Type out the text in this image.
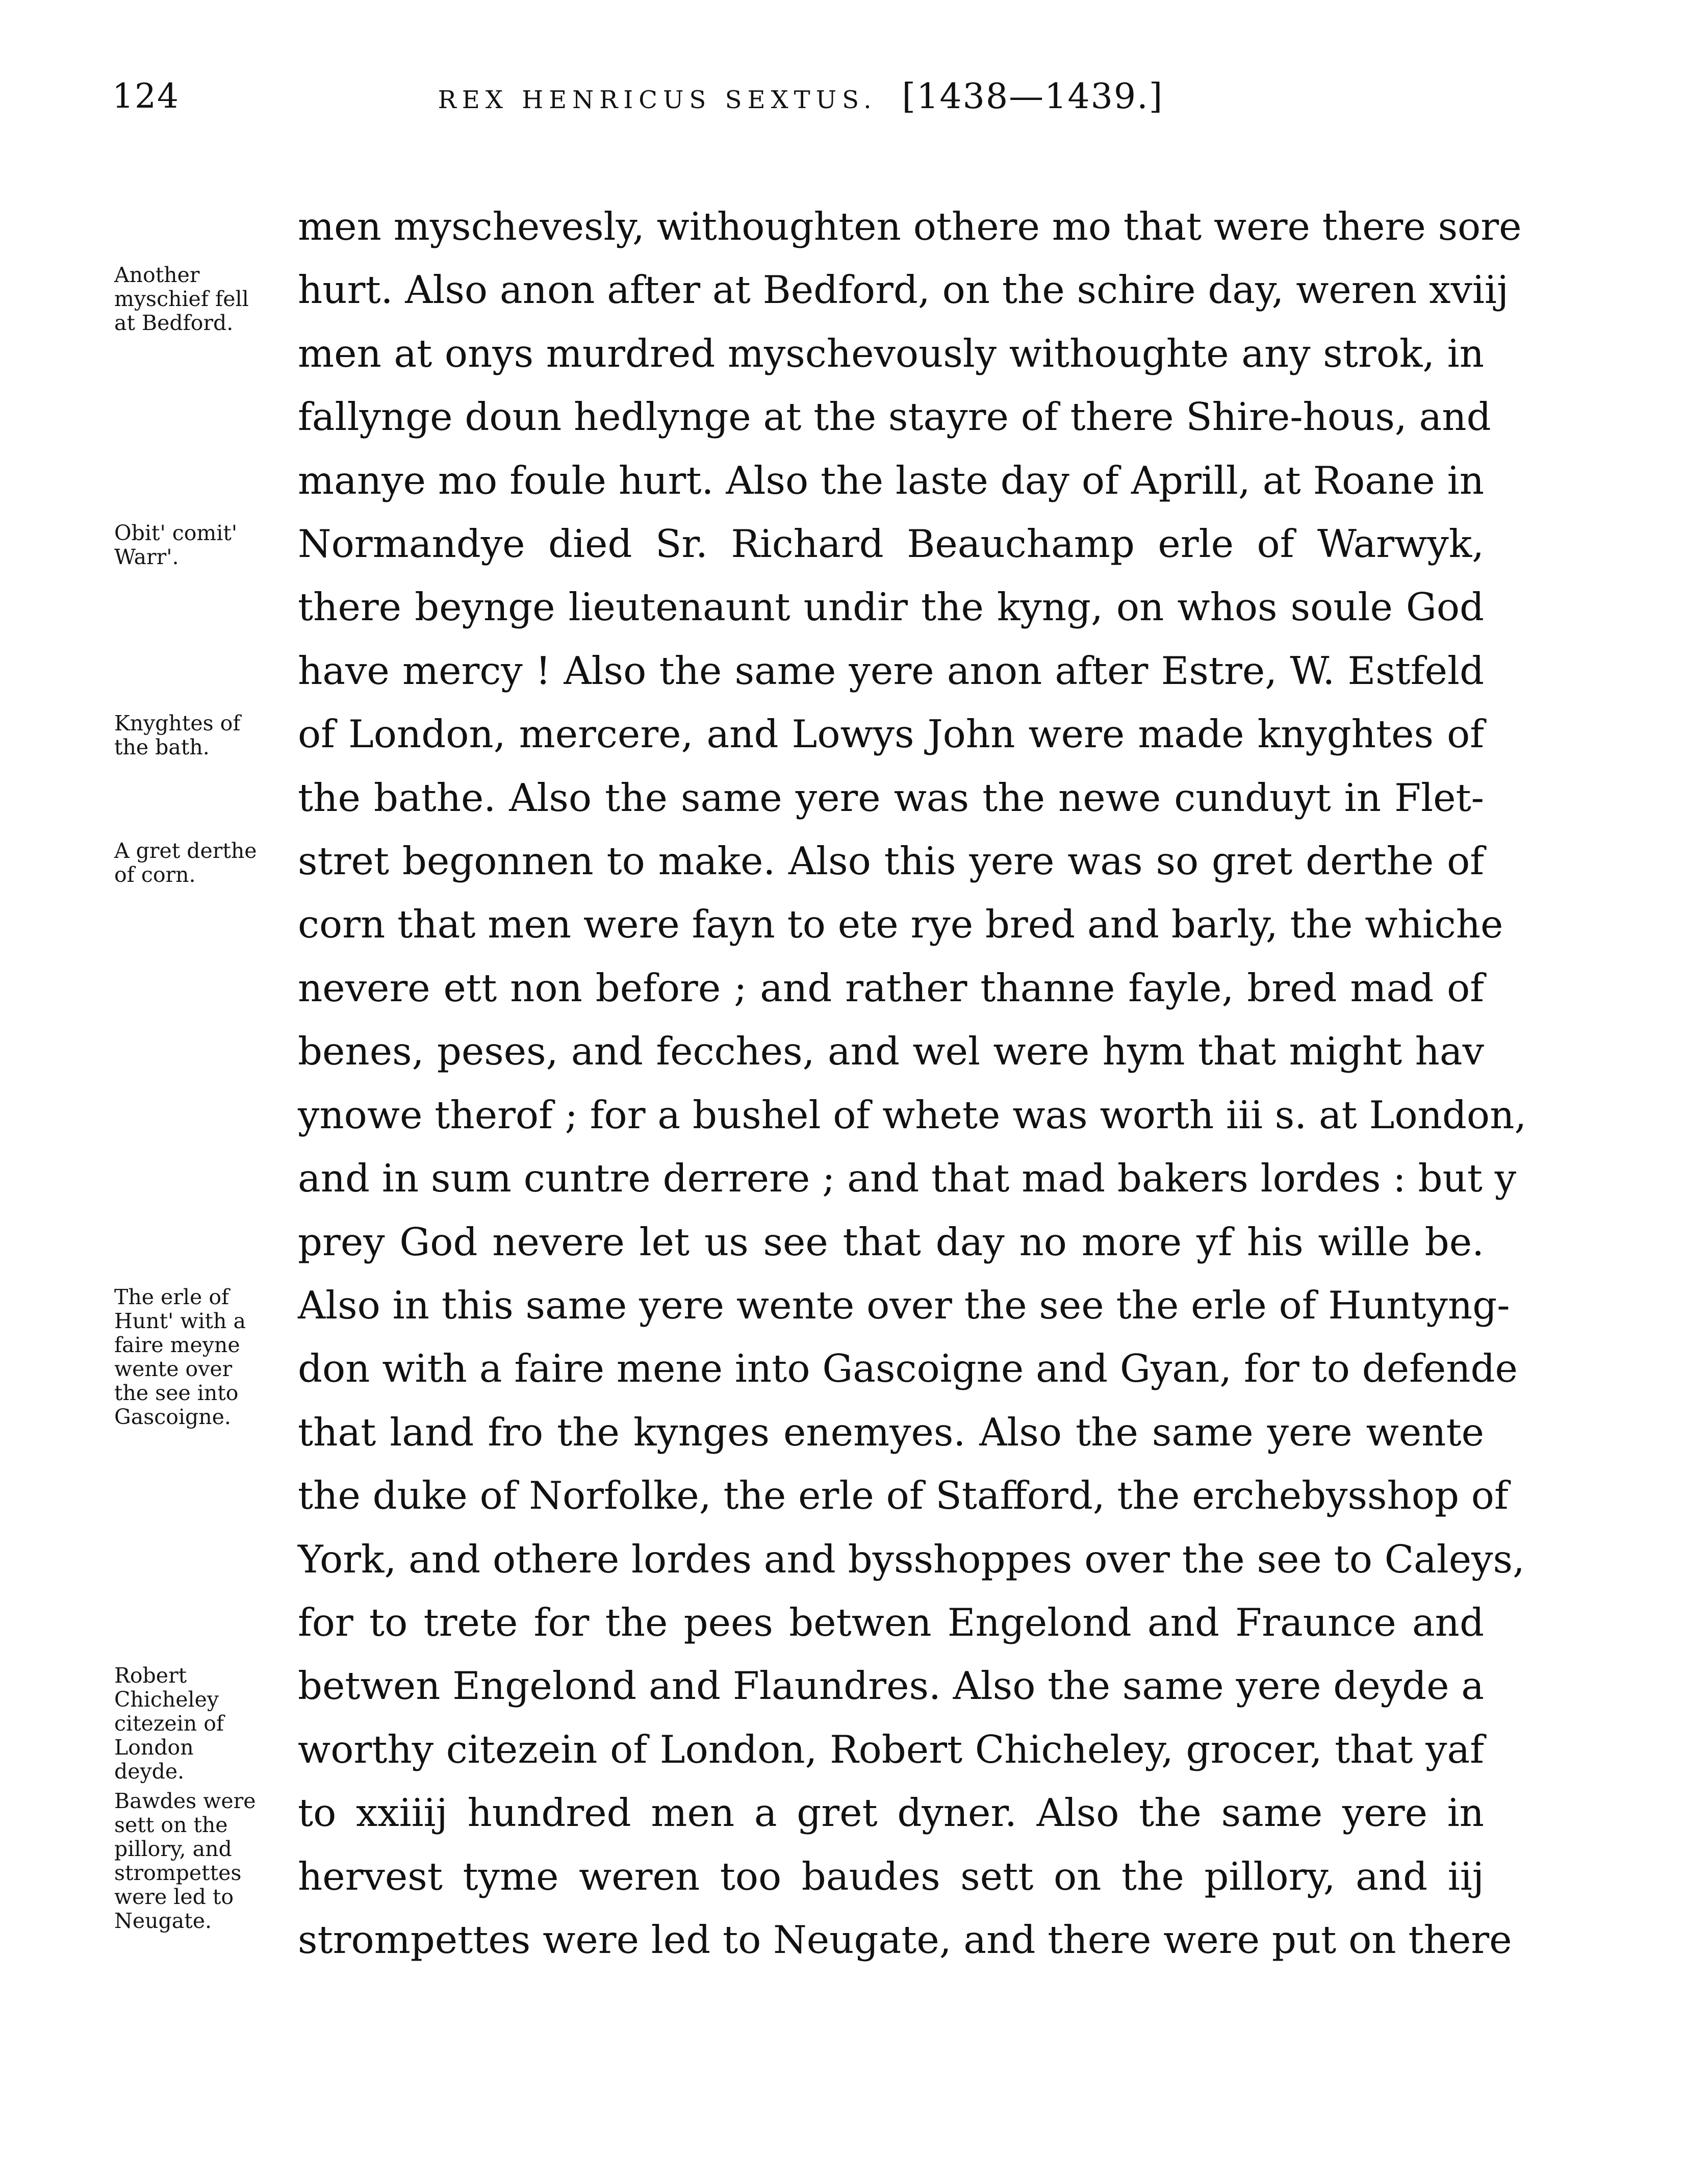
124	REX HENRICUS SEXTUS. [1438—1439.]
men myschevesly, withoughten othere mo that were there sore
hurt. Also anon after at Bedford, on the schire day, weren xviij
men at onys murdred myschevously withoughte any strok, in
fallynge doun hedlynge at the stayre of there Shire-hous, and
manye mo foule hurt. Also the laste day of Aprill, at Roane in
Normandye died Sr. Richard Beauchamp erle of Warwyk,
there beynge lieutenaunt undir the kyng, on whos soule God
have mercy ! Also the same yere anon after Estre, W. Estfeld
of London, mercere, and Lowys John were made knyghtes of
the bathe. Also the same yere was the newe cunduyt in Flet-
stret begonnen to make. Also this yere was so gret derthe of
corn that men were fayn to ete rye bred and barly, the whiche
nevere ett non before ; and rather thanne fayle, bred mad of
benes, peses, and fecches, and wel were hym that might hav
ynowe therof ; for a bushel of whete was worth iii s. at London,
and in sum cuntre derrere ; and that mad bakers lordes : but y
prey God nevere let us see that day no more yf his wille be.
Also in this same yere wente over the see the erle of Huntyng-
don with a faire mene into Gascoigne and Gyan, for to defende
that land fro the kynges enemyes. Also the same yere wente
the duke of Norfolke, the erle of Stafford, the erchebysshop of
York, and othere lordes and bysshoppes over the see to Caleys,
for to trete for the pees betwen Engelond and Fraunce and
betwen Engelond and Flaundres. Also the same yere deyde a
worthy citezein of London, Robert Chicheley, grocer, that yaf
to xxiiij hundred men a gret dyner. Also the same yere in
hervest tyme weren too baudes sett on the pillory, and iij
strompettes were led to Neugate, and there were put on there
Another
myschief fell
at Bedford.
Obit' comit'
Warr'.
Knyghtes of
the bath.
A gret derthe
of corn.
The erle of
Hunt' with a
faire meyne
wente over
the see into
Gascoigne.
Robert
Chicheley
citezein of
London
deyde.
Bawdes were
sett on the
pillory, and
strompettes
were led to
Neugate.
